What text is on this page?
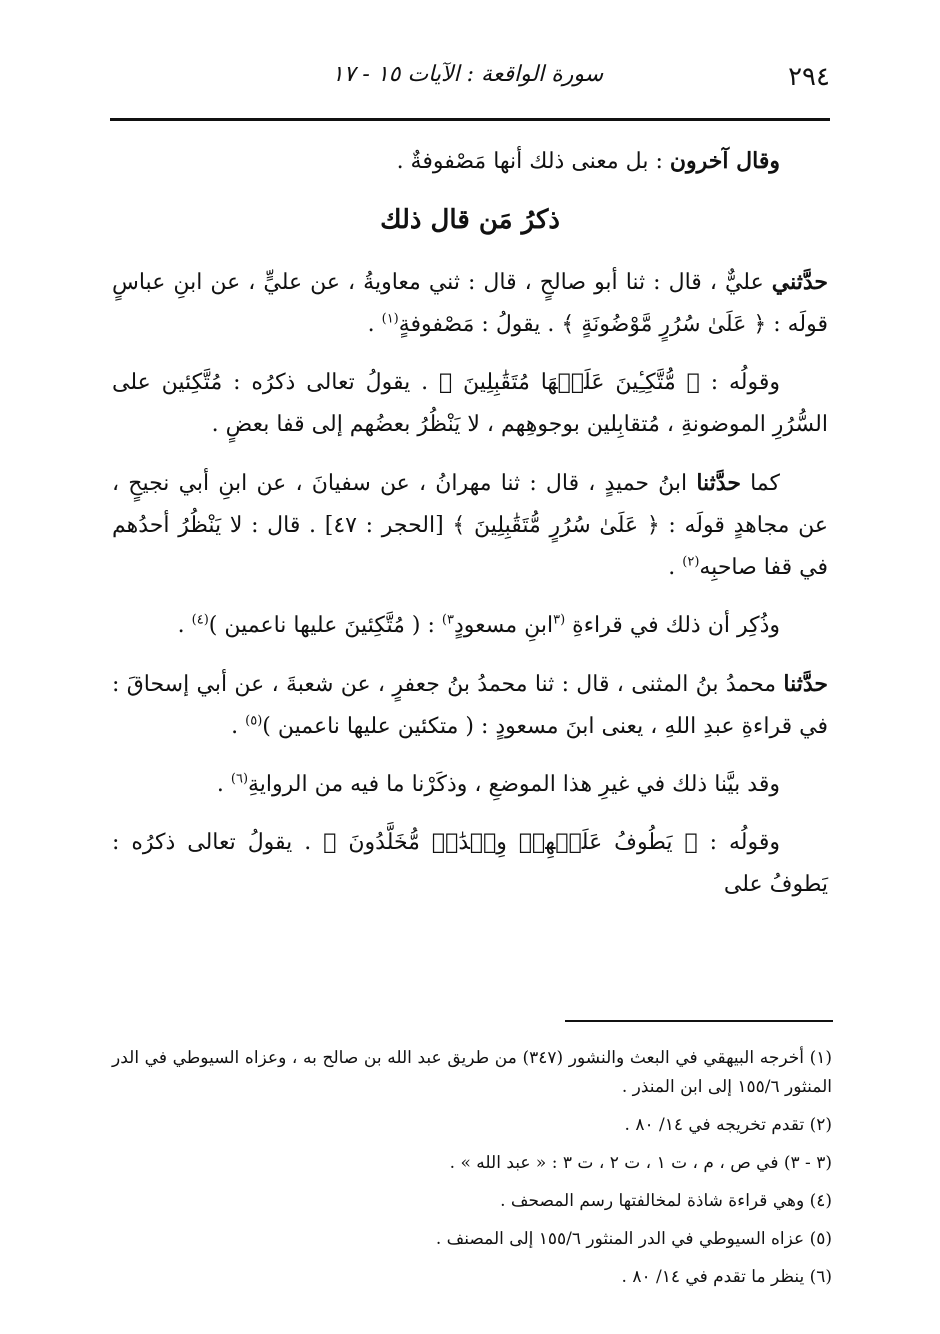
٢٩٤
سورة الواقعة : الآيات ١٥ - ١٧

وقال آخرون : بل معنى ذلك أنها مَصْفوفةٌ .

ذكرُ مَن قال ذلك

حدَّثني عليٌّ ، قال : ثنا أبو صالحٍ ، قال : ثني معاويةُ ، عن عليٍّ ، عن ابنِ عباسٍ قولَه : ﴿ عَلَىٰ سُرُرٍ مَّوْضُونَةٍ ﴾ . يقولُ : مَصْفوفةٍ$^{(١)}$ .

وقولُه : ﴿ مُّتَّكِـِٔينَ عَلَيۡهَا مُتَقَٰبِلِينَ ﴾ . يقولُ تعالى ذكرُه : مُتَّكِئين على السُّرُرِ الموضونةِ ، مُتقابِلين بوجوهِهم ، لا يَنْظُرُ بعضُهم إلى قفا بعضٍ .

كما حدَّثنا ابنُ حميدٍ ، قال : ثنا مهرانُ ، عن سفيانَ ، عن ابنِ أبي نجيحٍ ، عن مجاهدٍ قولَه : ﴿ عَلَىٰ سُرُرٍ مُّتَقَٰبِلِينَ ﴾ [الحجر : ٤٧] . قال : لا يَنْظُرُ أحدُهم في قفا صاحبِه$^{(٢)}$ .

وذُكِر أن ذلك في قراءةِ $^{(٣}$ابنِ مسعودٍ$^{٣)}$ : ( مُتَّكِئينَ عليها ناعمين )$^{(٤)}$ .

حدَّثنا محمدُ بنُ المثنى ، قال : ثنا محمدُ بنُ جعفرٍ ، عن شعبةَ ، عن أبي إسحاقَ : في قراءةِ عبدِ اللهِ ، يعنى ابنَ مسعودٍ : ( متكئين عليها ناعمين )$^{(٥)}$ .

وقد بيَّنا ذلك في غيرِ هذا الموضعِ ، وذكَرْنا ما فيه من الروايةِ$^{(٦)}$ .

وقولُه : ﴿ يَطُوفُ عَلَيۡهِمۡ وِلۡدَٰنٞ مُّخَلَّدُونَ ﴾ . يقولُ تعالى ذكرُه : يَطوفُ على

(١) أخرجه البيهقي في البعث والنشور (٣٤٧) من طريق عبد الله بن صالح به ، وعزاه السيوطي في الدر المنثور ١٥٥/٦ إلى ابن المنذر .

(٢) تقدم تخريجه في ١٤/ ٨٠ .

(٣ - ٣) في ص ، م ، ت ١ ، ت ٢ ، ت ٣ : « عبد الله » .

(٤) وهي قراءة شاذة لمخالفتها رسم المصحف .

(٥) عزاه السيوطي في الدر المنثور ١٥٥/٦ إلى المصنف .

(٦) ينظر ما تقدم في ١٤/ ٨٠ .
